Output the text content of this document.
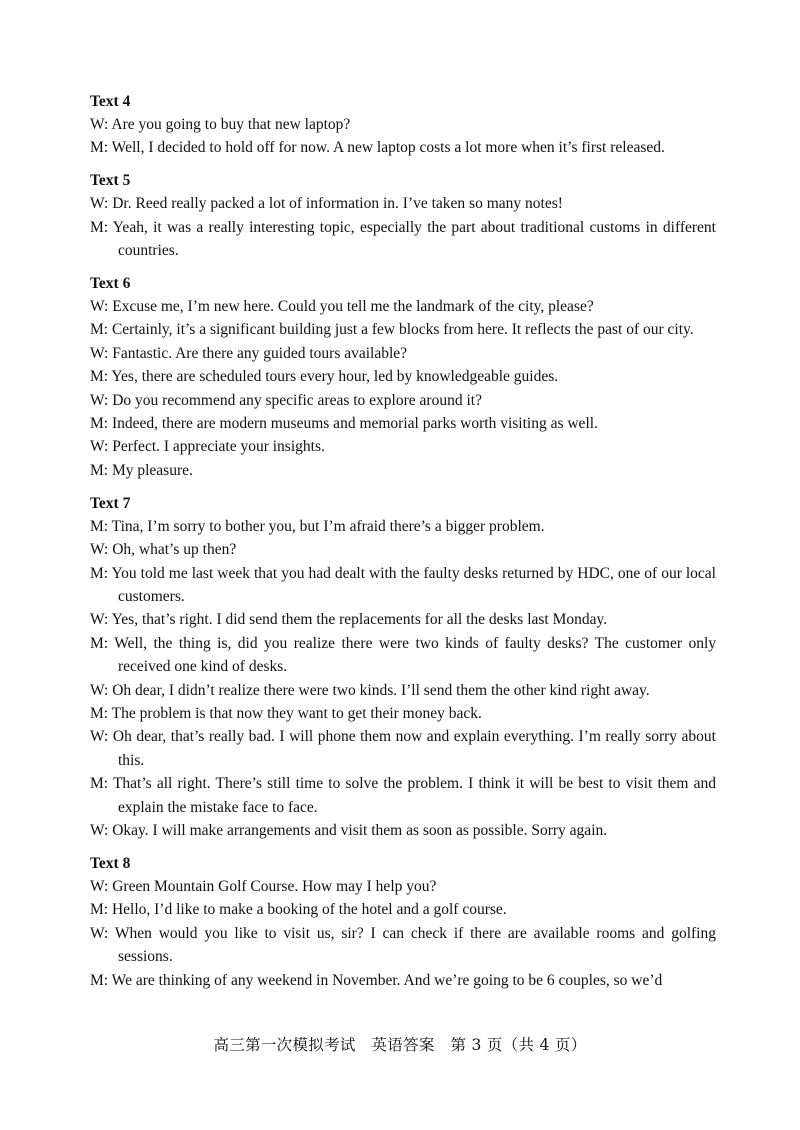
Text 4

W: Are you going to buy that new laptop?

M: Well, I decided to hold off for now. A new laptop costs a lot more when it’s first released.

Text 5

W: Dr. Reed really packed a lot of information in. I’ve taken so many notes!

M: Yeah, it was a really interesting topic, especially the part about traditional customs in different countries.

Text 6

W: Excuse me, I’m new here. Could you tell me the landmark of the city, please?

M: Certainly, it’s a significant building just a few blocks from here. It reflects the past of our city.

W: Fantastic. Are there any guided tours available?

M: Yes, there are scheduled tours every hour, led by knowledgeable guides.

W: Do you recommend any specific areas to explore around it?

M: Indeed, there are modern museums and memorial parks worth visiting as well.

W: Perfect. I appreciate your insights.

M: My pleasure.

Text 7

M: Tina, I’m sorry to bother you, but I’m afraid there’s a bigger problem.

W: Oh, what’s up then?

M: You told me last week that you had dealt with the faulty desks returned by HDC, one of our local customers.

W: Yes, that’s right. I did send them the replacements for all the desks last Monday.

M: Well, the thing is, did you realize there were two kinds of faulty desks? The customer only received one kind of desks.

W: Oh dear, I didn’t realize there were two kinds. I’ll send them the other kind right away.

M: The problem is that now they want to get their money back.

W: Oh dear, that’s really bad. I will phone them now and explain everything. I’m really sorry about this.

M: That’s all right. There’s still time to solve the problem. I think it will be best to visit them and explain the mistake face to face.

W: Okay. I will make arrangements and visit them as soon as possible. Sorry again.

Text 8

W: Green Mountain Golf Course. How may I help you?

M: Hello, I’d like to make a booking of the hotel and a golf course.

W: When would you like to visit us, sir? I can check if there are available rooms and golfing sessions.

M: We are thinking of any weekend in November. And we’re going to be 6 couples, so we’d

高三第一次模拟考试　英语答案　第 3 页（共 4 页）
